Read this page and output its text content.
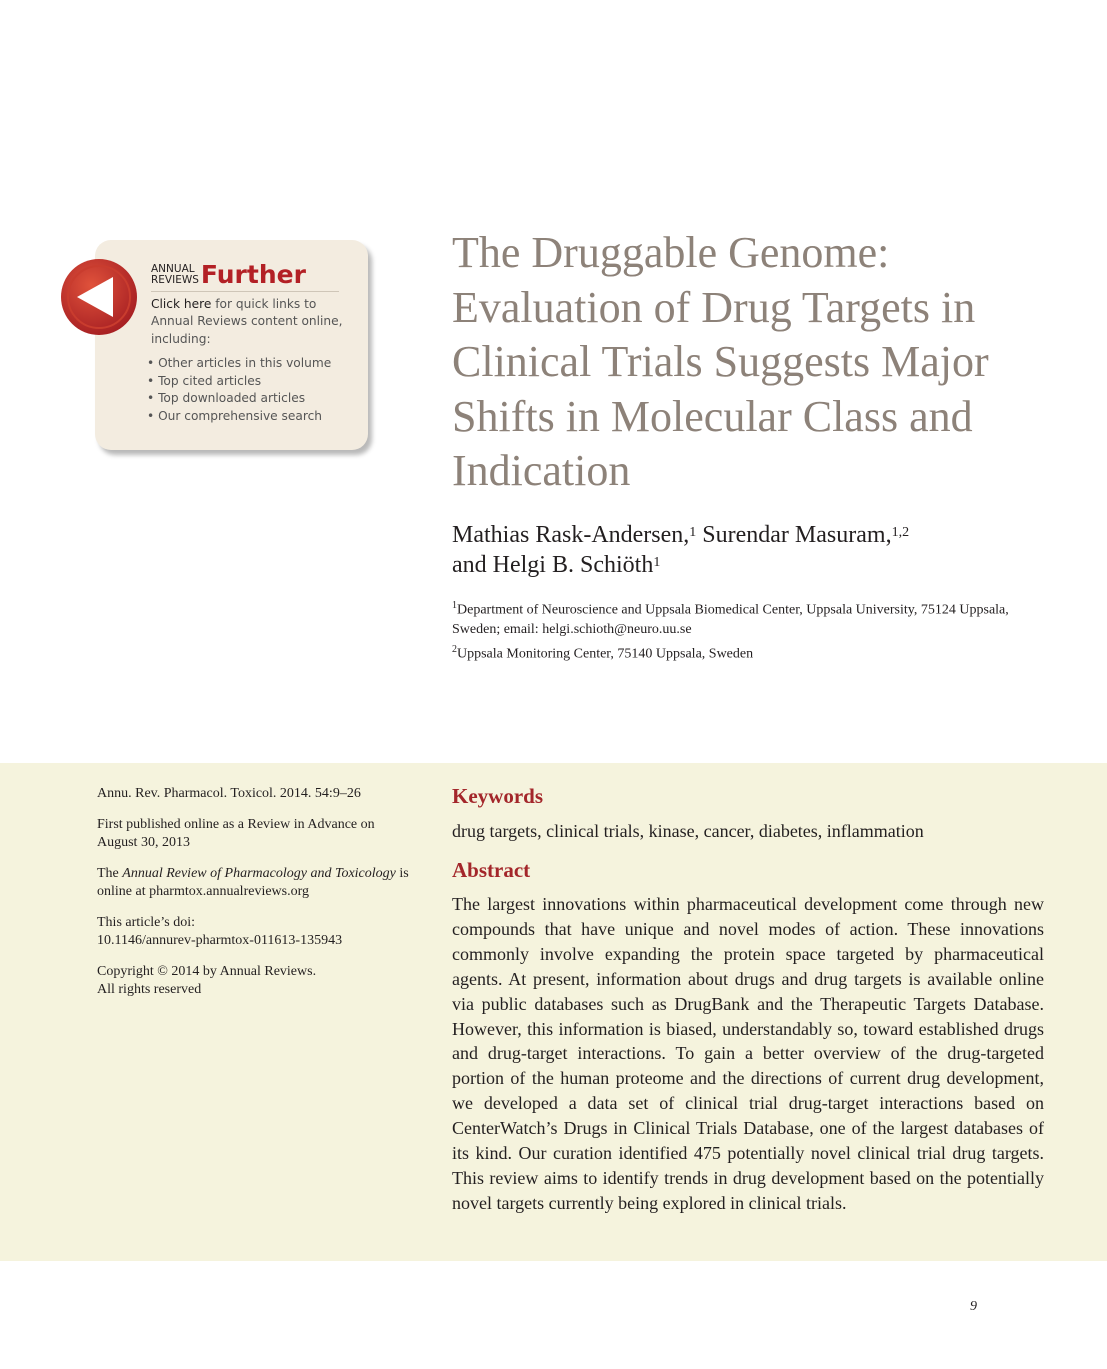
ANNUAL
REVIEWSFurther
Click here for quick links to Annual Reviews content online, including:
• Other articles in this volume
• Top cited articles
• Top downloaded articles
• Our comprehensive search
The Druggable Genome: Evaluation of Drug Targets in Clinical Trials Suggests Major Shifts in Molecular Class and Indication
Mathias Rask-Andersen,$^1$ Surendar Masuram,$^{1,2}$
and Helgi B. Schiöth$^1$
$^1$Department of Neuroscience and Uppsala Biomedical Center, Uppsala University, 75124 Uppsala, Sweden; email: helgi.schioth@neuro.uu.se
$^2$Uppsala Monitoring Center, 75140 Uppsala, Sweden

Annu. Rev. Pharmacol. Toxicol. 2014. 54:9–26

First published online as a Review in Advance on August 30, 2013

The Annual Review of Pharmacology and Toxicology is online at pharmtox.annualreviews.org

This article’s doi:
10.1146/annurev-pharmtox-011613-135943

Copyright © 2014 by Annual Reviews.
All rights reserved

Keywords
drug targets, clinical trials, kinase, cancer, diabetes, inflammation
Abstract

The largest innovations within pharmaceutical development come through new compounds that have unique and novel modes of action. These innovations commonly involve expanding the protein space targeted by pharmaceutical agents. At present, information about drugs and drug targets is available online via public databases such as DrugBank and the Therapeutic Targets Database. However, this information is biased, understandably so, toward established drugs and drug-target interactions. To gain a better overview of the drug-targeted portion of the human proteome and the directions of current drug development, we developed a data set of clinical trial drug-target interactions based on CenterWatch’s Drugs in Clinical Trials Database, one of the largest databases of its kind. Our curation identified 475 potentially novel clinical trial drug targets. This review aims to identify trends in drug development based on the potentially novel targets currently being explored in clinical trials.

9
